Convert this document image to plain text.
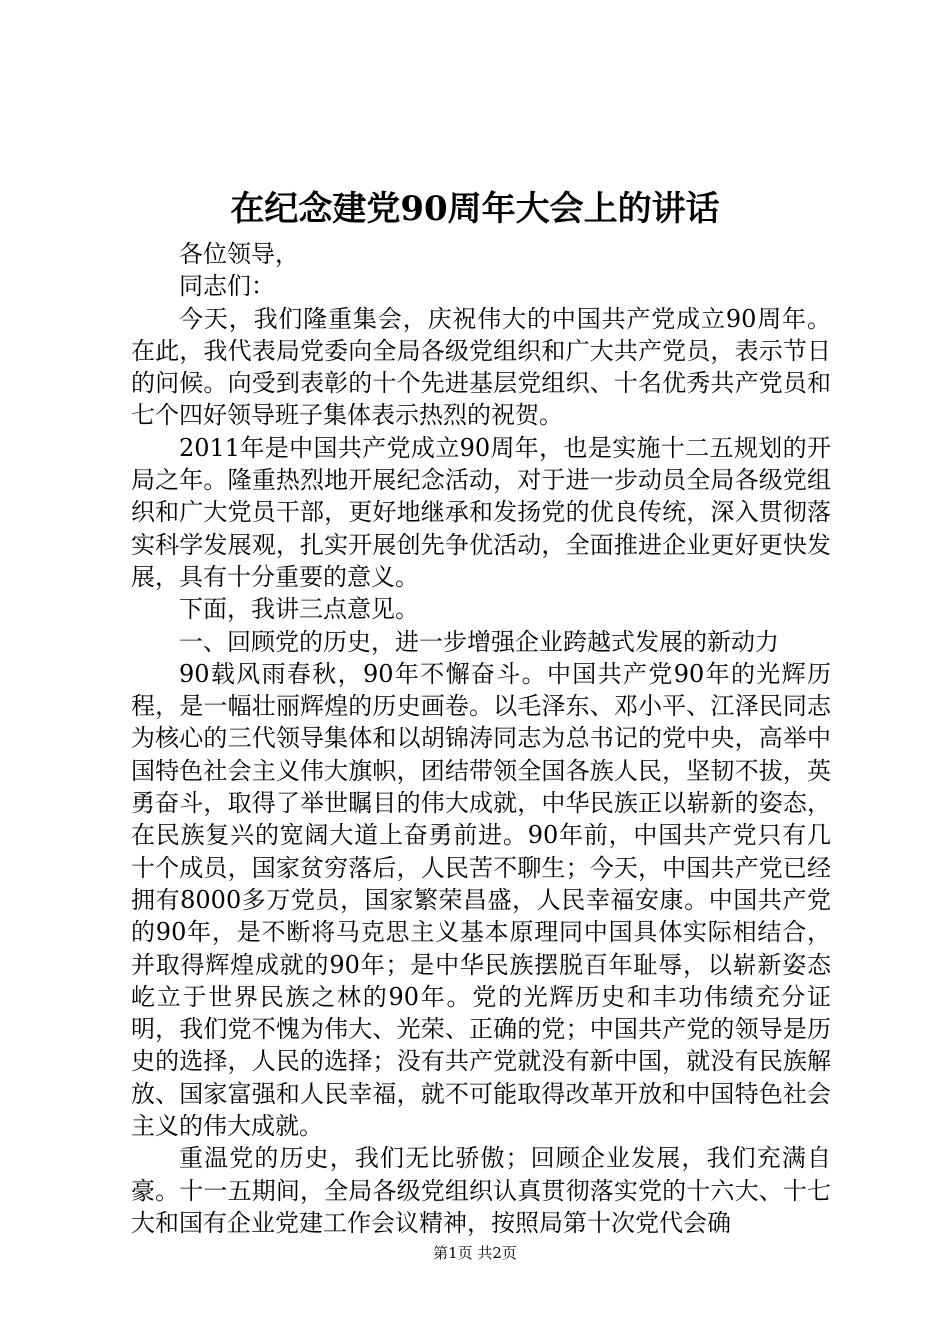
在纪念建党90周年大会上的讲话

各位领导，

同志们：

今天，我们隆重集会，庆祝伟大的中国共产党成立90周年。在此，我代表局党委向全局各级党组织和广大共产党员，表示节日的问候。向受到表彰的十个先进基层党组织、十名优秀共产党员和七个四好领导班子集体表示热烈的祝贺。

2011年是中国共产党成立90周年，也是实施十二五规划的开局之年。隆重热烈地开展纪念活动，对于进一步动员全局各级党组织和广大党员干部，更好地继承和发扬党的优良传统，深入贯彻落实科学发展观，扎实开展创先争优活动，全面推进企业更好更快发展，具有十分重要的意义。

下面，我讲三点意见。

一、回顾党的历史，进一步增强企业跨越式发展的新动力

90载风雨春秋，90年不懈奋斗。中国共产党90年的光辉历程，是一幅壮丽辉煌的历史画卷。以毛泽东、邓小平、江泽民同志为核心的三代领导集体和以胡锦涛同志为总书记的党中央，高举中国特色社会主义伟大旗帜，团结带领全国各族人民，坚韧不拔，英勇奋斗，取得了举世瞩目的伟大成就，中华民族正以崭新的姿态，在民族复兴的宽阔大道上奋勇前进。90年前，中国共产党只有几十个成员，国家贫穷落后，人民苦不聊生；今天，中国共产党已经拥有8000多万党员，国家繁荣昌盛，人民幸福安康。中国共产党的90年，是不断将马克思主义基本原理同中国具体实际相结合，并取得辉煌成就的90年；是中华民族摆脱百年耻辱，以崭新姿态屹立于世界民族之林的90年。党的光辉历史和丰功伟绩充分证明，我们党不愧为伟大、光荣、正确的党；中国共产党的领导是历史的选择，人民的选择；没有共产党就没有新中国，就没有民族解放、国家富强和人民幸福，就不可能取得改革开放和中国特色社会主义的伟大成就。

重温党的历史，我们无比骄傲；回顾企业发展，我们充满自豪。十一五期间，全局各级党组织认真贯彻落实党的十六大、十七大和国有企业党建工作会议精神，按照局第十次党代会确

第1页 共2页
